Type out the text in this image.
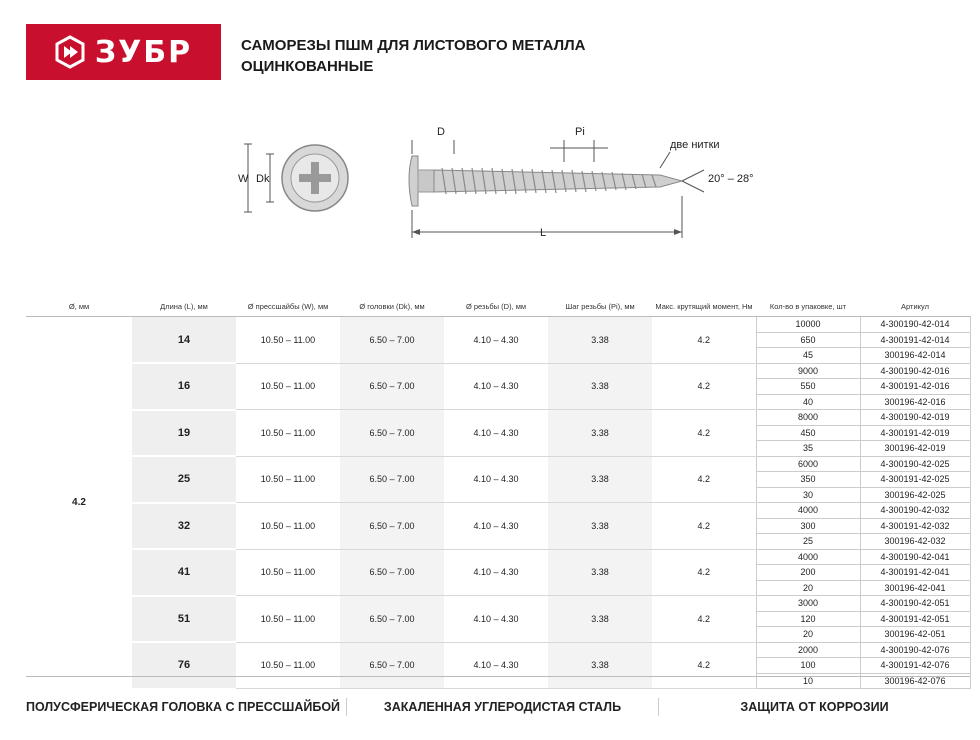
ЗУБР	САМОРЕЗЫ ПШМ ДЛЯ ЛИСТОВОГО МЕТАЛЛА
ОЦИНКОВАННЫЕ
W Dk
D	Pi
две нитки
20° – 28°
L
Ø, мм	Длина (L), мм	Ø прессшайбы (W), мм	Ø головки (Dk), мм	Ø резьбы (D), мм	Шаг резьбы (Pi), мм	Макс. крутящий момент, Нм	Кол-во в упаковке, шт	Артикул
4.2	14	10.50 – 11.00	6.50 – 7.00	4.10 – 4.30	3.38	4.2	10000	4-300190-42-014
							650	4-300191-42-014
							45	300196-42-014
	16	10.50 – 11.00	6.50 – 7.00	4.10 – 4.30	3.38	4.2	9000	4-300190-42-016
							550	4-300191-42-016
							40	300196-42-016
	19	10.50 – 11.00	6.50 – 7.00	4.10 – 4.30	3.38	4.2	8000	4-300190-42-019
							450	4-300191-42-019
							35	300196-42-019
	25	10.50 – 11.00	6.50 – 7.00	4.10 – 4.30	3.38	4.2	6000	4-300190-42-025
							350	4-300191-42-025
							30	300196-42-025
	32	10.50 – 11.00	6.50 – 7.00	4.10 – 4.30	3.38	4.2	4000	4-300190-42-032
							300	4-300191-42-032
							25	300196-42-032
	41	10.50 – 11.00	6.50 – 7.00	4.10 – 4.30	3.38	4.2	4000	4-300190-42-041
							200	4-300191-42-041
							20	300196-42-041
	51	10.50 – 11.00	6.50 – 7.00	4.10 – 4.30	3.38	4.2	3000	4-300190-42-051
							120	4-300191-42-051
							20	300196-42-051
	76	10.50 – 11.00	6.50 – 7.00	4.10 – 4.30	3.38	4.2	2000	4-300190-42-076
							100	4-300191-42-076
							10	300196-42-076
ПОЛУСФЕРИЧЕСКАЯ ГОЛОВКА С ПРЕССШАЙБОЙ	ЗАКАЛЕННАЯ УГЛЕРОДИСТАЯ СТАЛЬ	ЗАЩИТА ОТ КОРРОЗИИ
